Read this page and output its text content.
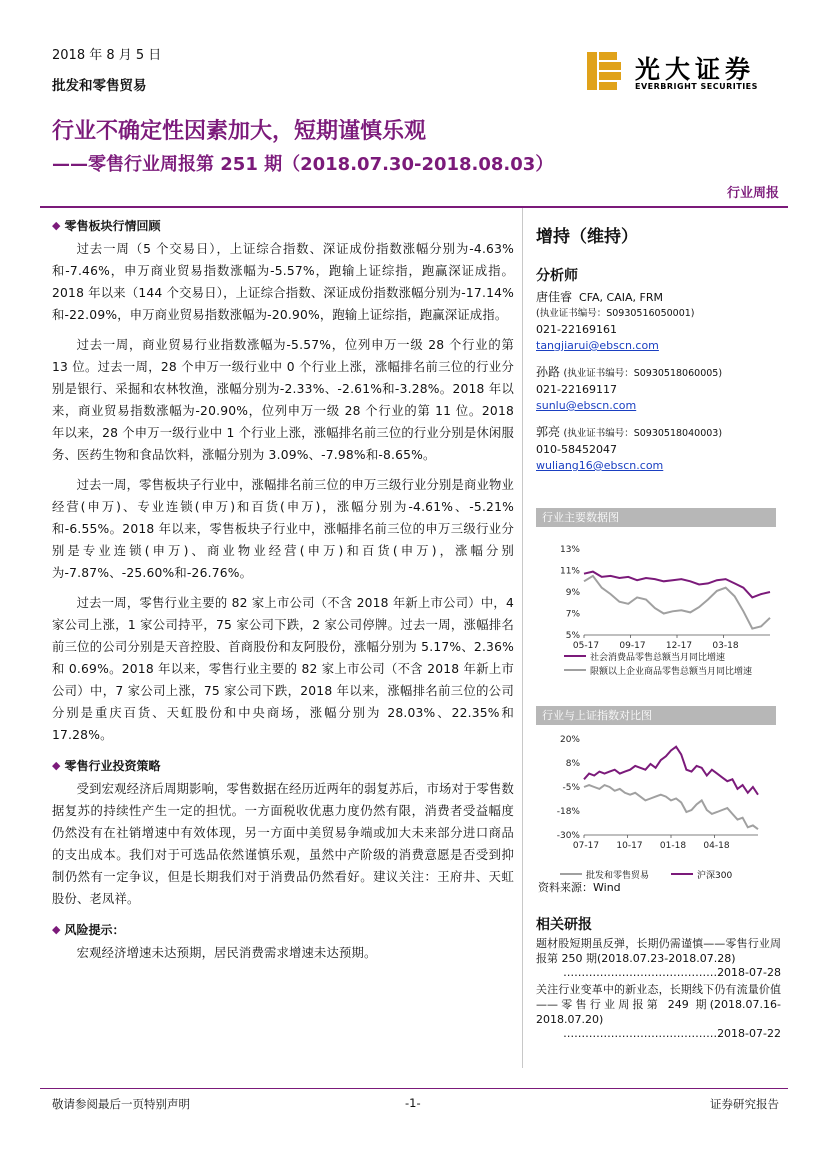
2018 年 8 月 5 日
批发和零售贸易
光大证券
EVERBRIGHT SECURITIES
行业不确定性因素加大，短期谨慎乐观
——零售行业周报第 251 期（2018.07.30-2018.08.03）
行业周报
◆ 零售板块行情回顾

过去一周（5 个交易日），上证综合指数、深证成份指数涨幅分别为-4.63%和-7.46%，申万商业贸易指数涨幅为-5.57%，跑输上证综指，跑赢深证成指。2018 年以来（144 个交易日），上证综合指数、深证成份指数涨幅分别为-17.14%和-22.09%，申万商业贸易指数涨幅为-20.90%，跑输上证综指，跑赢深证成指。

过去一周，商业贸易行业指数涨幅为-5.57%，位列申万一级 28 个行业的第 13 位。过去一周，28 个申万一级行业中 0 个行业上涨，涨幅排名前三位的行业分别是银行、采掘和农林牧渔，涨幅分别为-2.33%、-2.61%和-3.28%。2018 年以来，商业贸易指数涨幅为-20.90%，位列申万一级 28 个行业的第 11 位。2018 年以来，28 个申万一级行业中 1 个行业上涨，涨幅排名前三位的行业分别是休闲服务、医药生物和食品饮料，涨幅分别为 3.09%、-7.98%和-8.65%。

过去一周，零售板块子行业中，涨幅排名前三位的申万三级行业分别是商业物业经营(申万)、专业连锁(申万)和百货(申万)，涨幅分别为-4.61%、-5.21%和-6.55%。2018 年以来，零售板块子行业中，涨幅排名前三位的申万三级行业分别是专业连锁(申万)、商业物业经营(申万)和百货(申万)，涨幅分别为-7.87%、-25.60%和-26.76%。

过去一周，零售行业主要的 82 家上市公司（不含 2018 年新上市公司）中，4 家公司上涨，1 家公司持平，75 家公司下跌，2 家公司停牌。过去一周，涨幅排名前三位的公司分别是天音控股、首商股份和友阿股份，涨幅分别为 5.17%、2.36%和 0.69%。2018 年以来，零售行业主要的 82 家上市公司（不含 2018 年新上市公司）中，7 家公司上涨，75 家公司下跌，2018 年以来，涨幅排名前三位的公司分别是重庆百货、天虹股份和中央商场，涨幅分别为 28.03%、22.35%和 17.28%。

◆ 零售行业投资策略

受到宏观经济后周期影响，零售数据在经历近两年的弱复苏后，市场对于零售数据复苏的持续性产生一定的担忧。一方面税收优惠力度仍然有限，消费者受益幅度仍然没有在社销增速中有效体现，另一方面中美贸易争端或加大未来部分进口商品的支出成本。我们对于可选品依然谨慎乐观，虽然中产阶级的消费意愿是否受到抑制仍然有一定争议，但是长期我们对于消费品仍然看好。建议关注：王府井、天虹股份、老凤祥。

◆ 风险提示：

宏观经济增速未达预期，居民消费需求增速未达预期。

增持（维持）
分析师
唐佳睿 CFA, CAIA, FRM
(执业证书编号：S0930516050001)
021-22169161
tangjiarui@ebscn.com
孙路 (执业证书编号：S0930518060005)
021-22169117
sunlu@ebscn.com
郭亮 (执业证书编号：S0930518040003)
010-58452047
wuliang16@ebscn.com
行业主要数据图
13%
11%
9%
7%
5%
05-17 09-17 12-17 03-18
社会消费品零售总额当月同比增速
限额以上企业商品零售总额当月同比增速
行业与上证指数对比图
20%
8%
-5%
-18%
-30%
07-17 10-17 01-18 04-18
批发和零售贸易	沪深300
资料来源：Wind
相关研报
题材股短期虽反弹，长期仍需谨慎——零售行业周报第 250 期(2018.07.23-2018.07.28)
……………………………………2018-07-28
关注行业变革中的新业态，长期线下仍有流量价值——零售行业周报第 249 期(2018.07.16-2018.07.20)
……………………………………2018-07-22
敬请参阅最后一页特别声明	-1-	证券研究报告
